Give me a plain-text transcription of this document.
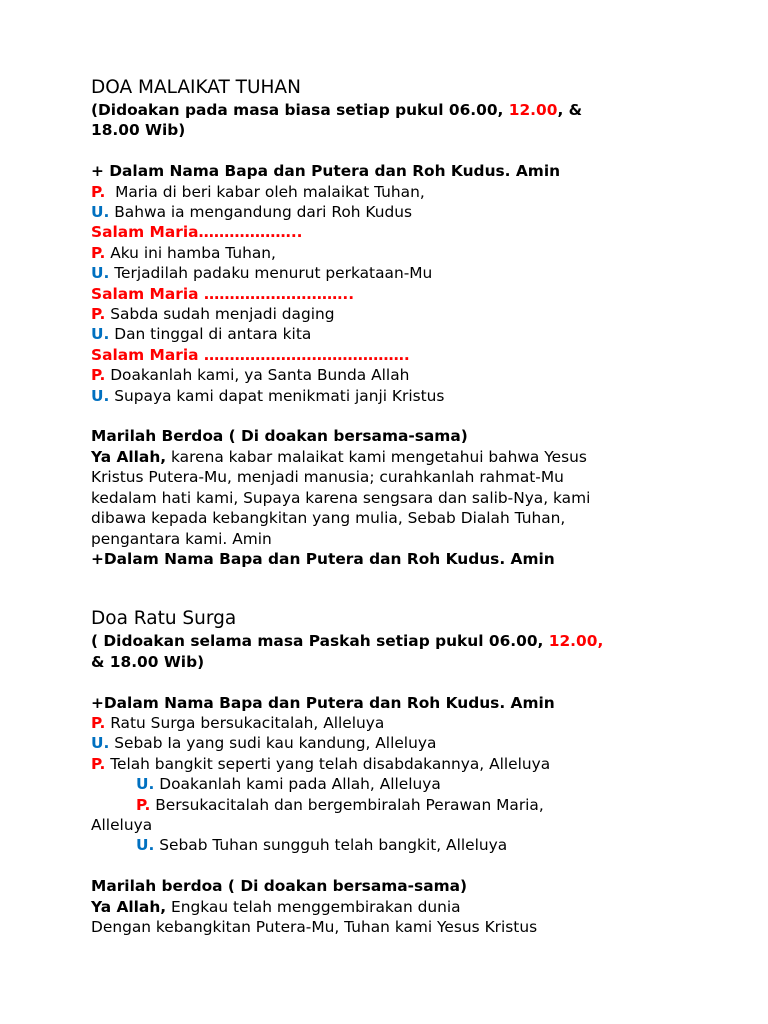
DOA MALAIKAT TUHAN
(Didoakan pada masa biasa setiap pukul 06.00, 12.00, &
18.00 Wib)
+ Dalam Nama Bapa dan Putera dan Roh Kudus. Amin
P.  Maria di beri kabar oleh malaikat Tuhan,
U. Bahwa ia mengandung dari Roh Kudus
Salam Maria………………..
P. Aku ini hamba Tuhan,
U. Terjadilah padaku menurut perkataan-Mu
Salam Maria ………………………..
P. Sabda sudah menjadi daging
U. Dan tinggal di antara kita
Salam Maria ………………………………….
P. Doakanlah kami, ya Santa Bunda Allah
U. Supaya kami dapat menikmati janji Kristus
Marilah Berdoa ( Di doakan bersama-sama)
Ya Allah, karena kabar malaikat kami mengetahui bahwa Yesus
Kristus Putera-Mu, menjadi manusia; curahkanlah rahmat-Mu
kedalam hati kami, Supaya karena sengsara dan salib-Nya, kami
dibawa kepada kebangkitan yang mulia, Sebab Dialah Tuhan,
pengantara kami. Amin
+Dalam Nama Bapa dan Putera dan Roh Kudus. Amin
Doa Ratu Surga
( Didoakan selama masa Paskah setiap pukul 06.00, 12.00,
& 18.00 Wib)
+Dalam Nama Bapa dan Putera dan Roh Kudus. Amin
P. Ratu Surga bersukacitalah, Alleluya
U. Sebab Ia yang sudi kau kandung, Alleluya
P. Telah bangkit seperti yang telah disabdakannya, Alleluya
U. Doakanlah kami pada Allah, Alleluya
P. Bersukacitalah dan bergembiralah Perawan Maria,
Alleluya
U. Sebab Tuhan sungguh telah bangkit, Alleluya
Marilah berdoa ( Di doakan bersama-sama)
Ya Allah, Engkau telah menggembirakan dunia
Dengan kebangkitan Putera-Mu, Tuhan kami Yesus Kristus
